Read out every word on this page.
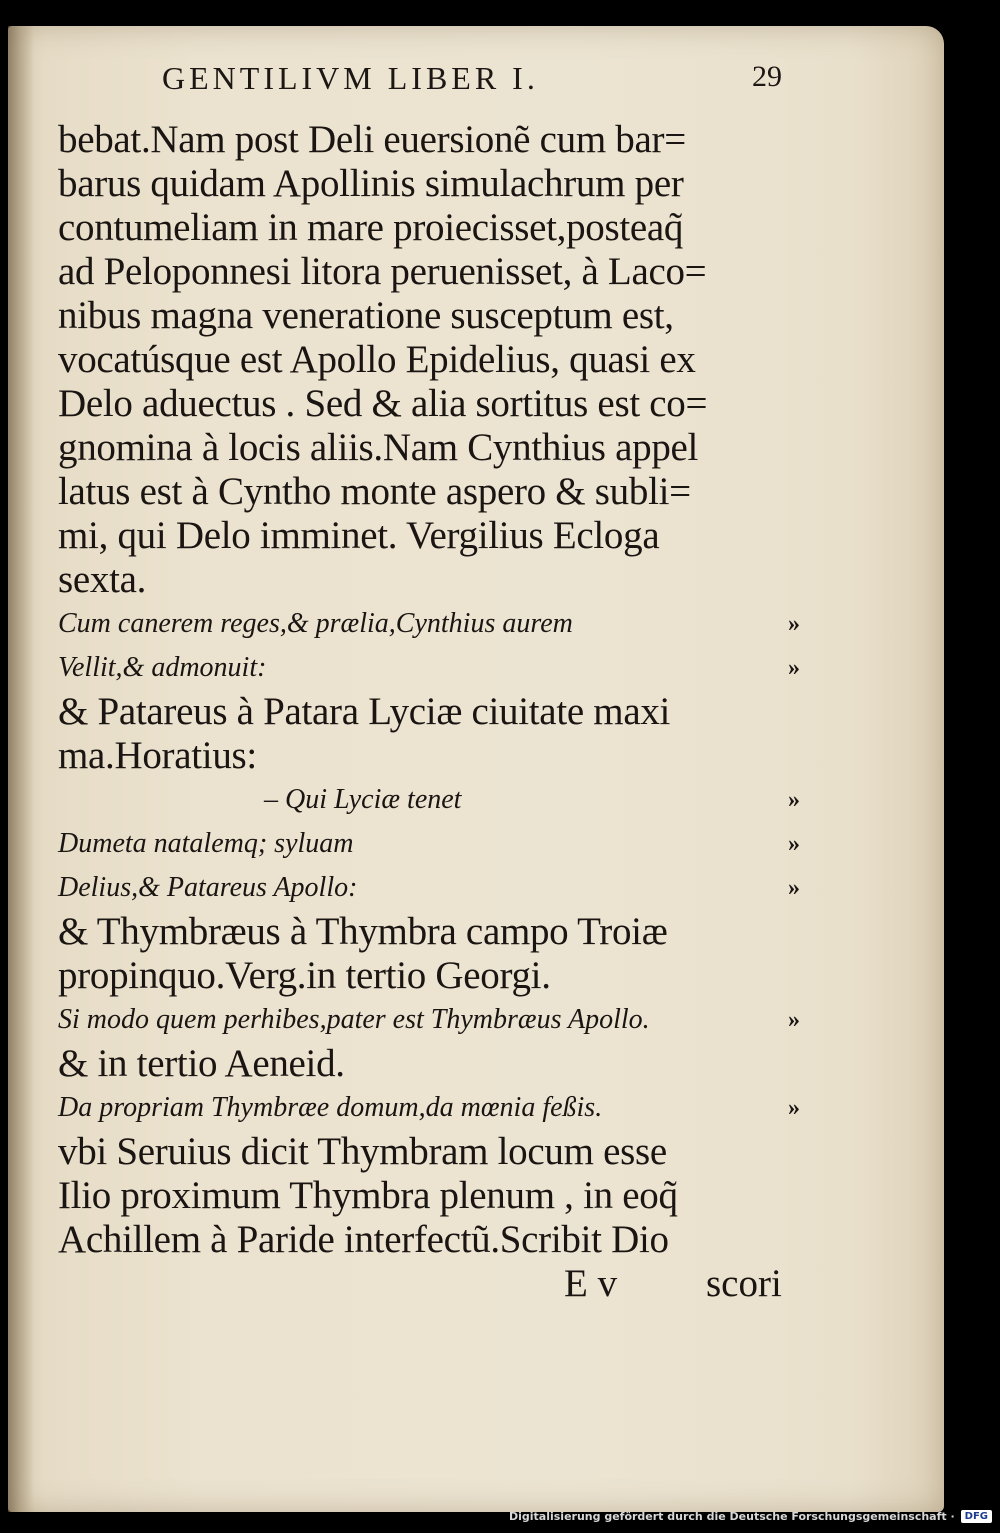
GENTILIVM LIBER I.	29
bebat.Nam post Deli euersionẽ cum bar=
barus quidam Apollinis simulachrum per
contumeliam in mare proiecisset,posteaq̃
ad Peloponnesi litora peruenisset, à Laco=
nibus magna veneratione susceptum est,
vocatúsque est Apollo Epidelius, quasi ex
Delo aduectus . Sed & alia sortitus est co=
gnomina à locis aliis.Nam Cynthius appel
latus est à Cyntho monte aspero & subli=
mi, qui Delo imminet. Vergilius Ecloga
sexta.
Cum canerem reges,& prælia,Cynthius aurem	»
Vellit,& admonuit:	»
& Patareus à Patara Lyciæ ciuitate maxi
ma.Horatius:
– Qui Lyciæ tenet	»
Dumeta natalemq; syluam	»
Delius,& Patareus Apollo:	»
& Thymbræus à Thymbra campo Troiæ
propinquo.Verg.in tertio Georgi.
Si modo quem perhibes,pater est Thymbræus Apollo.	»
& in tertio Aeneid.
Da propriam Thymbræe domum,da mœnia feßis.	»
vbi Seruius dicit Thymbram locum esse
Ilio proximum Thymbra plenum , in eoq̃
Achillem à Paride interfectũ.Scribit Dio
E v scori
Digitalisierung gefördert durch die Deutsche Forschungsgemeinschaft ·	DFG
